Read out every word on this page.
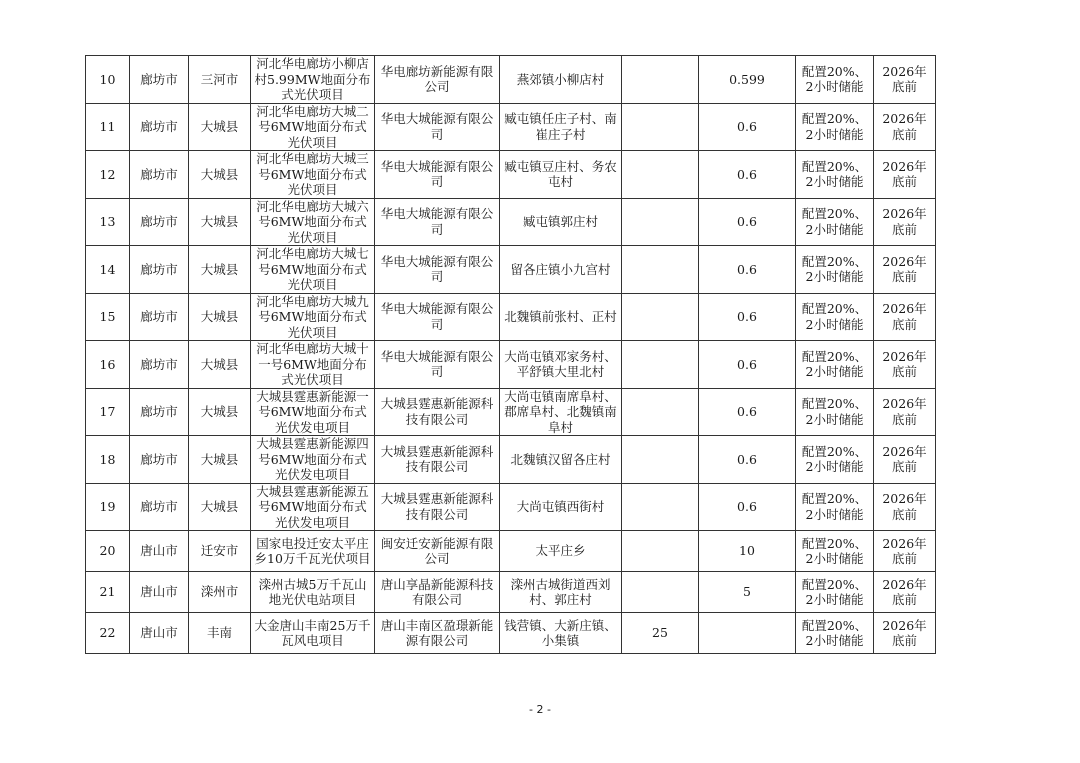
10	廊坊市	三河市	河北华电廊坊小柳店村5.99MW地面分布式光伏项目	华电廊坊新能源有限公司	燕郊镇小柳店村		0.599	配置20%、2小时储能	2026年底前	
11	廊坊市	大城县	河北华电廊坊大城二号6MW地面分布式光伏项目	华电大城能源有限公司	臧屯镇任庄子村、南崔庄子村		0.6	配置20%、2小时储能	2026年底前	
12	廊坊市	大城县	河北华电廊坊大城三号6MW地面分布式光伏项目	华电大城能源有限公司	臧屯镇豆庄村、务农屯村		0.6	配置20%、2小时储能	2026年底前	
13	廊坊市	大城县	河北华电廊坊大城六号6MW地面分布式光伏项目	华电大城能源有限公司	臧屯镇郭庄村		0.6	配置20%、2小时储能	2026年底前	
14	廊坊市	大城县	河北华电廊坊大城七号6MW地面分布式光伏项目	华电大城能源有限公司	留各庄镇小九宫村		0.6	配置20%、2小时储能	2026年底前	
15	廊坊市	大城县	河北华电廊坊大城九号6MW地面分布式光伏项目	华电大城能源有限公司	北魏镇前张村、正村		0.6	配置20%、2小时储能	2026年底前	
16	廊坊市	大城县	河北华电廊坊大城十一号6MW地面分布式光伏项目	华电大城能源有限公司	大尚屯镇邓家务村、平舒镇大里北村		0.6	配置20%、2小时储能	2026年底前	
17	廊坊市	大城县	大城县霆惠新能源一号6MW地面分布式光伏发电项目	大城县霆惠新能源科技有限公司	大尚屯镇南席阜村、郡席阜村、北魏镇南阜村		0.6	配置20%、2小时储能	2026年底前	
18	廊坊市	大城县	大城县霆惠新能源四号6MW地面分布式光伏发电项目	大城县霆惠新能源科技有限公司	北魏镇汉留各庄村		0.6	配置20%、2小时储能	2026年底前	
19	廊坊市	大城县	大城县霆惠新能源五号6MW地面分布式光伏发电项目	大城县霆惠新能源科技有限公司	大尚屯镇西街村		0.6	配置20%、2小时储能	2026年底前	
20	唐山市	迁安市	国家电投迁安太平庄乡10万千瓦光伏项目	闽安迁安新能源有限公司	太平庄乡		10	配置20%、2小时储能	2026年底前	
21	唐山市	滦州市	滦州古城5万千瓦山地光伏电站项目	唐山享晶新能源科技有限公司	滦州古城街道西刘村、郭庄村		5	配置20%、2小时储能	2026年底前	
22	唐山市	丰南	大金唐山丰南25万千瓦风电项目	唐山丰南区盈璟新能源有限公司	钱营镇、大新庄镇、小集镇	25		配置20%、2小时储能	2026年底前	
- 2 -
